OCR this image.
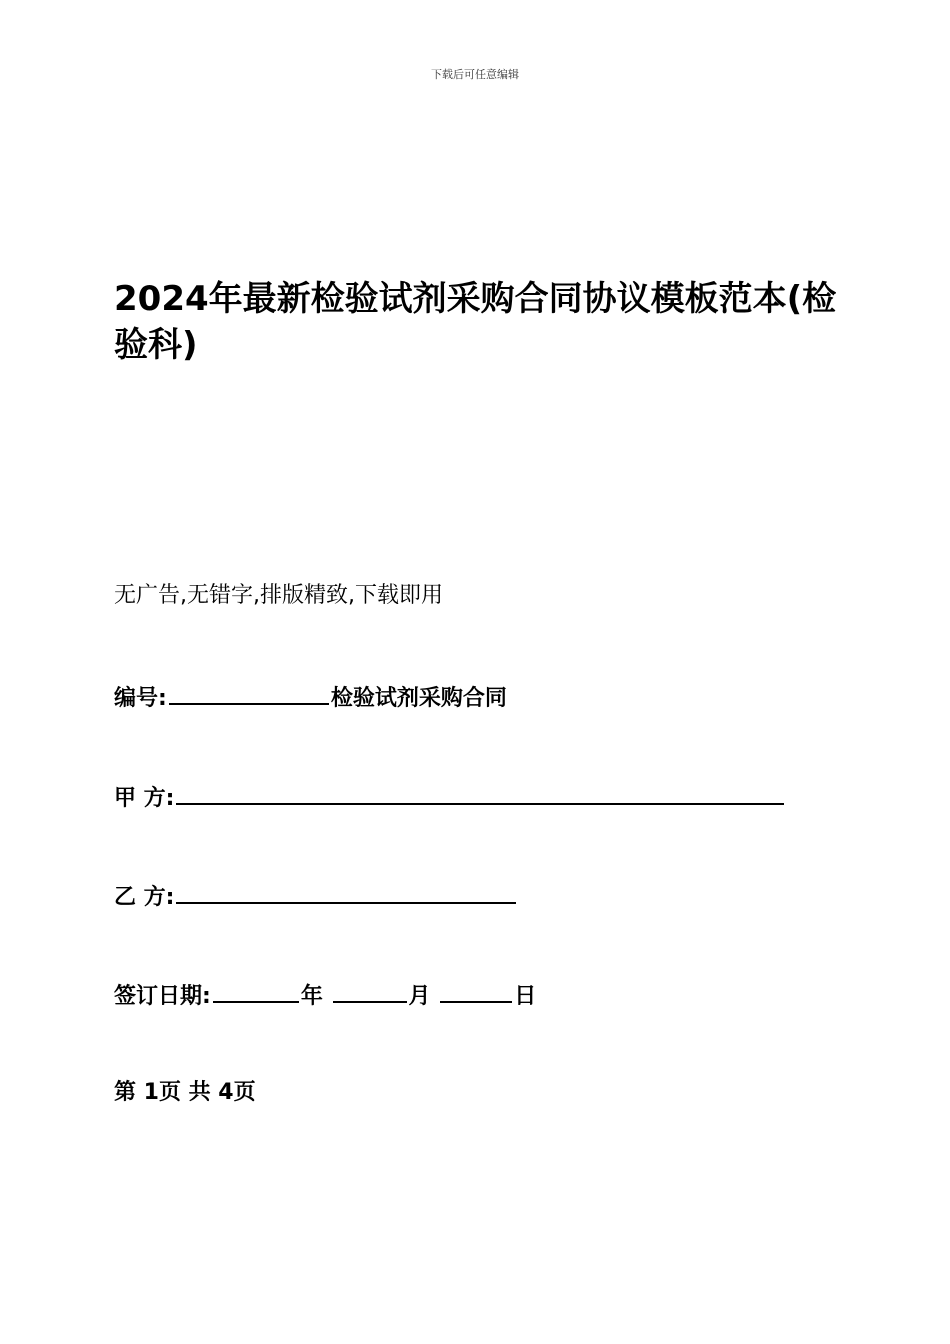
下载后可任意编辑
2024年最新检验试剂采购合同协议模板范本(检验科)
无广告,无错字,排版精致,下载即用
编号:	检验试剂采购合同
甲 方:
乙 方:
签订日期:	年	月	日
第 1页 共 4页
